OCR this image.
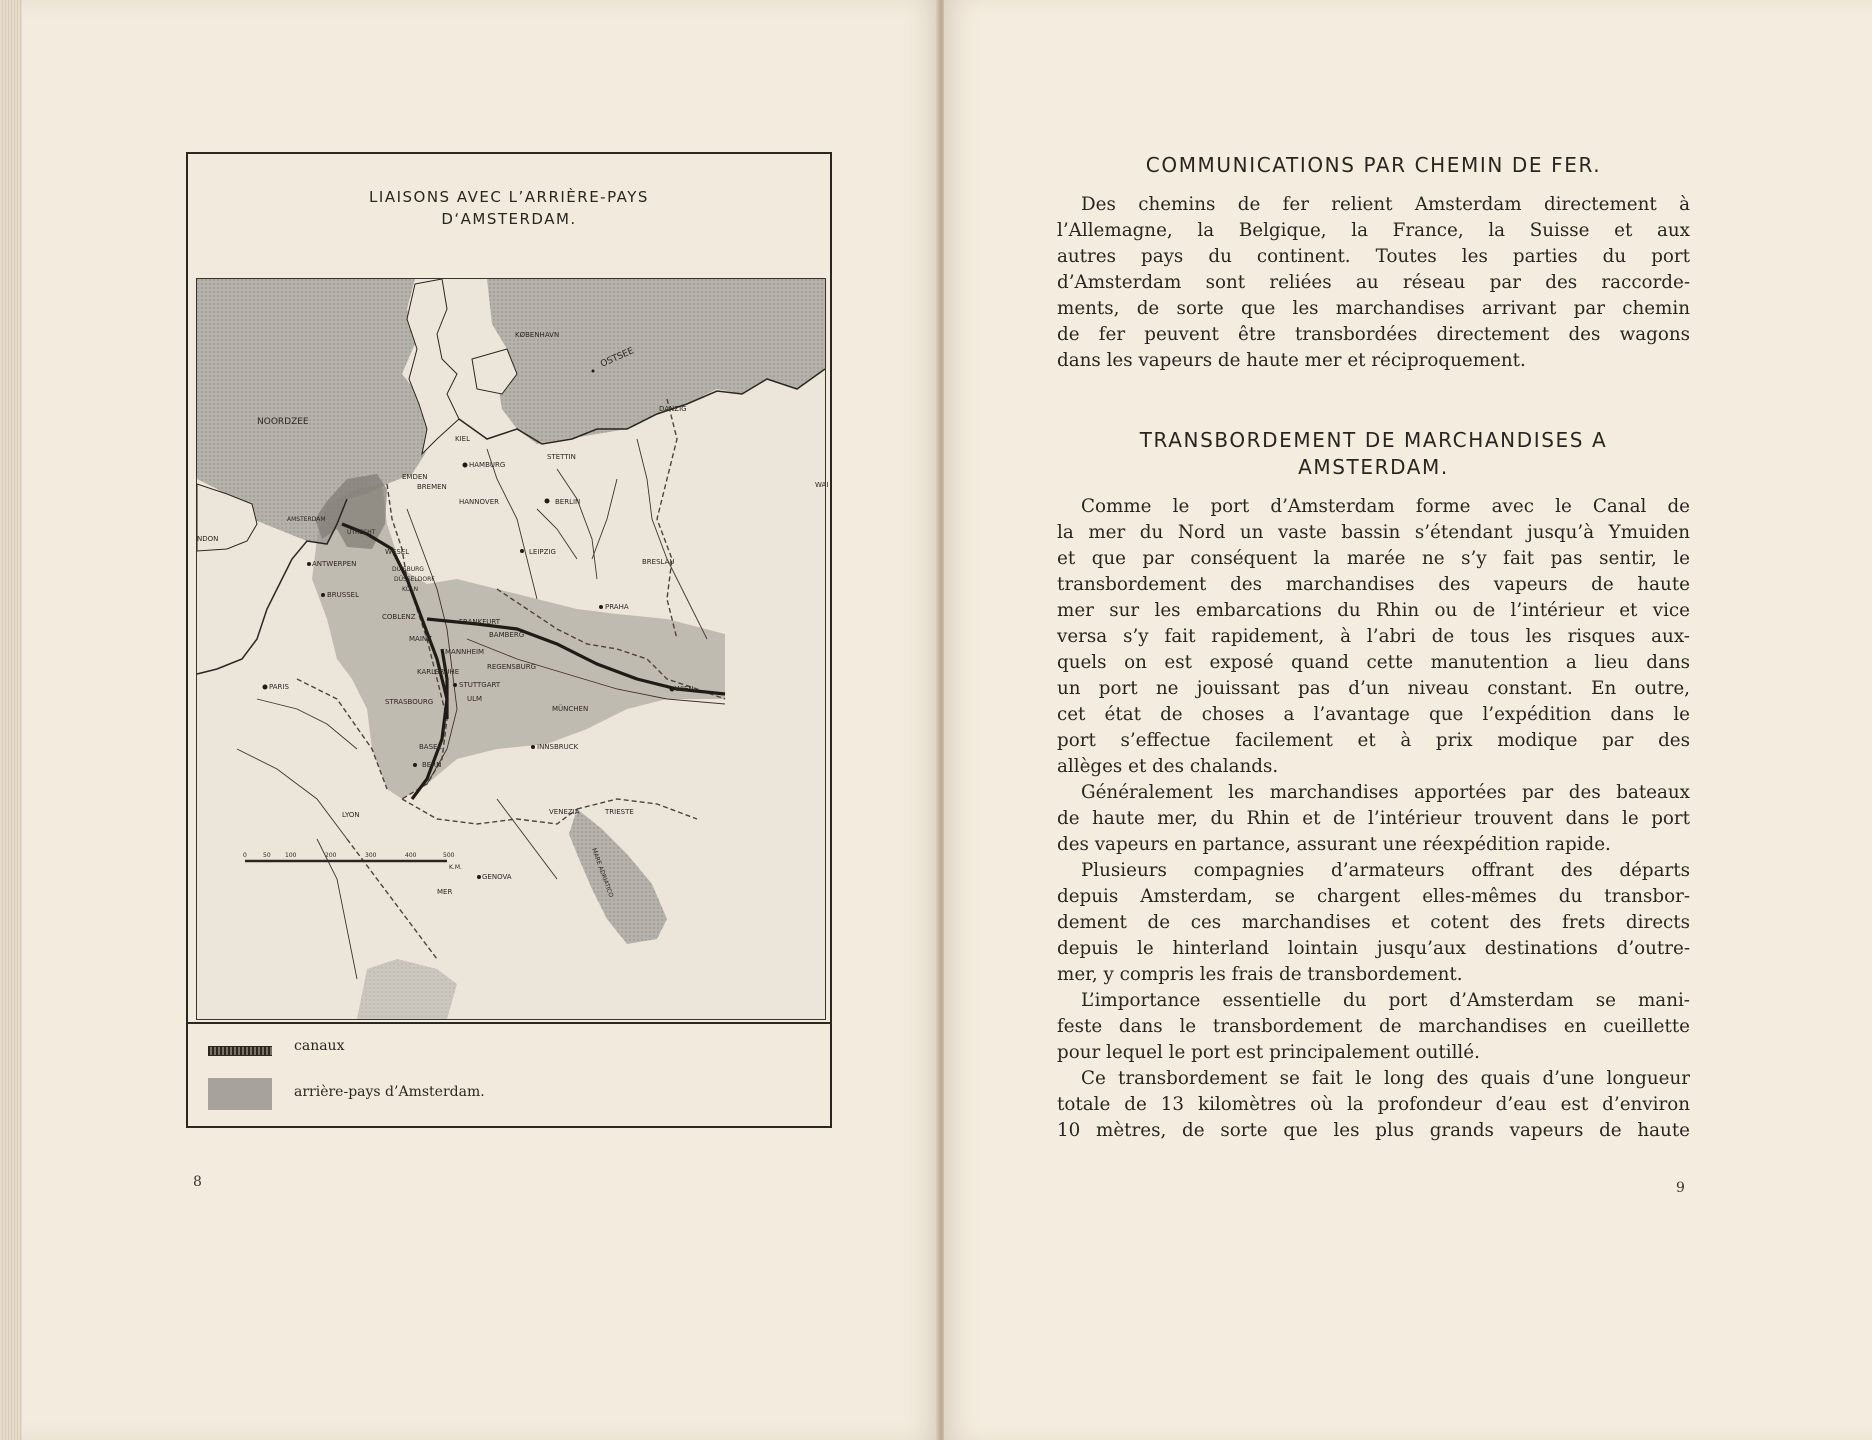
LIAISONS AVEC L’ARRIÈRE-PAYS
D‘AMSTERDAM.
NOORDZEE
OSTSEE
KØBENHAVN
DANZIG
STETTIN
KIEL
HAMBURG
BREMEN
EMDEN
HANNOVER	BERLIN
AMSTERDAM
UTRECHT
NDON
ANTWERPEN
BRUSSEL
WESEL
DUISBURG
DÜSSELDORF
KÖLN
LEIPZIG
BRESLAU
PRAHA
COBLENZ
FRANKFURT
MAINZ	BAMBERG
MANNHEIM
REGENSBURG
KARLSRUHE
STUTTGART
ULM
STRASBOURG
WIEN
MÜNCHEN
PARIS
BASEL
BERN
INNSBRUCK
LYON	VENEZIA	TRIESTE
GENOVA	MARE ADRIATICO
WAI
MER
K.M.
0	50 100	200	300	400	500
canaux
arrière-pays d’Amsterdam.
8
COMMUNICATIONS PAR CHEMIN DE FER.

Des chemins de fer relient Amsterdam directement à

l’Allemagne, la Belgique, la France, la Suisse et aux

autres pays du continent. Toutes les parties du port

d’Amsterdam sont reliées au réseau par des raccorde-

ments, de sorte que les marchandises arrivant par chemin

de fer peuvent être transbordées directement des wagons

dans les vapeurs de haute mer et réciproquement.

TRANSBORDEMENT DE MARCHANDISES A
AMSTERDAM.

Comme le port d’Amsterdam forme avec le Canal de

la mer du Nord un vaste bassin s’étendant jusqu’à Ymuiden

et que par conséquent la marée ne s’y fait pas sentir, le

transbordement des marchandises des vapeurs de haute

mer sur les embarcations du Rhin ou de l’intérieur et vice

versa s’y fait rapidement, à l’abri de tous les risques aux-

quels on est exposé quand cette manutention a lieu dans

un port ne jouissant pas d’un niveau constant. En outre,

cet état de choses a l’avantage que l’expédition dans le

port s’effectue facilement et à prix modique par des

allèges et des chalands.

Généralement les marchandises apportées par des bateaux

de haute mer, du Rhin et de l’intérieur trouvent dans le port

des vapeurs en partance, assurant une réexpédition rapide.

Plusieurs compagnies d’armateurs offrant des départs

depuis Amsterdam, se chargent elles-mêmes du transbor-

dement de ces marchandises et cotent des frets directs

depuis le hinterland lointain jusqu’aux destinations d’outre-

mer, y compris les frais de transbordement.

L’importance essentielle du port d’Amsterdam se mani-

feste dans le transbordement de marchandises en cueillette

pour lequel le port est principalement outillé.

Ce transbordement se fait le long des quais d’une longueur

totale de 13 kilomètres où la profondeur d’eau est d’environ

10 mètres, de sorte que les plus grands vapeurs de haute

9
